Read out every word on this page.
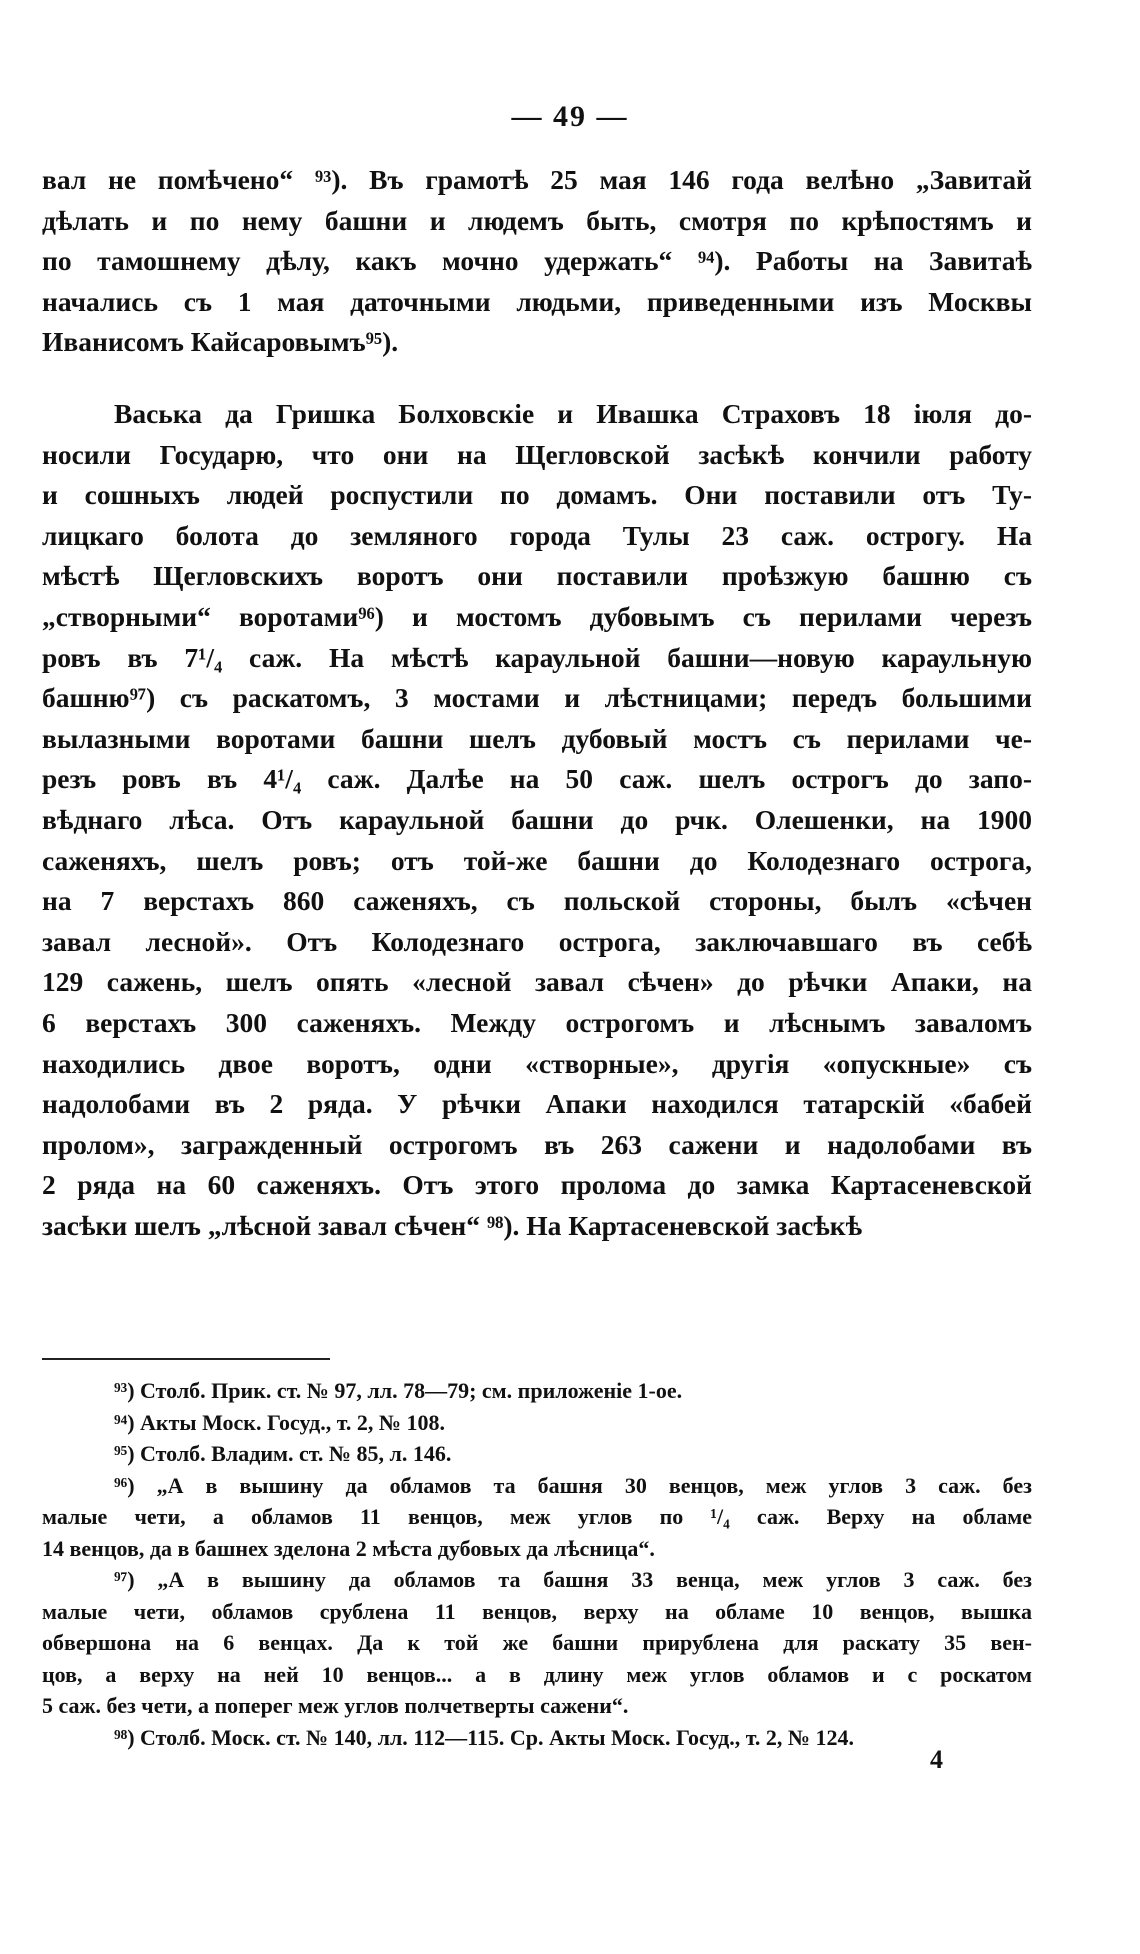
— 49 —
вал не помѣчено“ ⁹³). Въ грамотѣ 25 мая 146 года велѣно „Завитай
дѣлать и по нему башни и людемъ быть, смотря по крѣпостямъ и
по тамошнему дѣлу, какъ мочно удержать“ ⁹⁴). Работы на Завитаѣ
начались съ 1 мая даточными людьми, приведенными изъ Москвы
Иванисомъ Кайсаровымъ⁹⁵).
Васька да Гришка Болховскіе и Ивашка Страховъ 18 іюля до-
носили Государю, что они на Щегловской засѣкѣ кончили работу
и сошныхъ людей роспустили по домамъ. Они поставили отъ Ту-
лицкаго болота до земляного города Тулы 23 саж. острогу. На
мѣстѣ Щегловскихъ воротъ они поставили проѣзжую башню съ
„створными“ воротами⁹⁶) и мостомъ дубовымъ съ перилами черезъ
ровъ въ 7¹/₄ саж. На мѣстѣ караульной башни—новую караульную
башню⁹⁷) съ раскатомъ, 3 мостами и лѣстницами; передъ большими
вылазными воротами башни шелъ дубовый мостъ съ перилами че-
резъ ровъ въ 4¹/₄ саж. Далѣе на 50 саж. шелъ острогъ до запо-
вѣднаго лѣса. Отъ караульной башни до рчк. Олешенки, на 1900
саженяхъ, шелъ ровъ; отъ той-же башни до Колодезнаго острога,
на 7 верстахъ 860 саженяхъ, съ польской стороны, былъ «сѣчен
завал лесной». Отъ Колодезнаго острога, заключавшаго въ себѣ
129 сажень, шелъ опять «лесной завал сѣчен» до рѣчки Апаки, на
6 верстахъ 300 саженяхъ. Между острогомъ и лѣснымъ заваломъ
находились двое воротъ, одни «створные», другія «опускные» съ
надолобами въ 2 ряда. У рѣчки Апаки находился татарскій «бабей
пролом», загражденный острогомъ въ 263 сажени и надолобами въ
2 ряда на 60 саженяхъ. Отъ этого пролома до замка Картасеневской
засѣки шелъ „лѣсной завал сѣчен“ ⁹⁸). На Картасеневской засѣкѣ
⁹³) Столб. Прик. ст. № 97, лл. 78—79; см. приложеніе 1-ое.
⁹⁴) Акты Моск. Госуд., т. 2, № 108.
⁹⁵) Столб. Владим. ст. № 85, л. 146.
⁹⁶) „А в вышину да обламов та башня 30 венцов, меж углов 3 саж. без
малые чети, а обламов 11 венцов, меж углов по ¹/₄ саж. Верху на обламе
14 венцов, да в башнех зделона 2 мѣста дубовых да лѣсница“.
⁹⁷) „А в вышину да обламов та башня 33 венца, меж углов 3 саж. без
малые чети, обламов срублена 11 венцов, верху на обламе 10 венцов, вышка
обвершона на 6 венцах. Да к той же башни прирублена для раскату 35 вен-
цов, а верху на ней 10 венцов... а в длину меж углов обламов и с роскатом
5 саж. без чети, а поперег меж углов полчетверты сажени“.
⁹⁸) Столб. Моск. ст. № 140, лл. 112—115. Ср. Акты Моск. Госуд., т. 2, № 124.
4
